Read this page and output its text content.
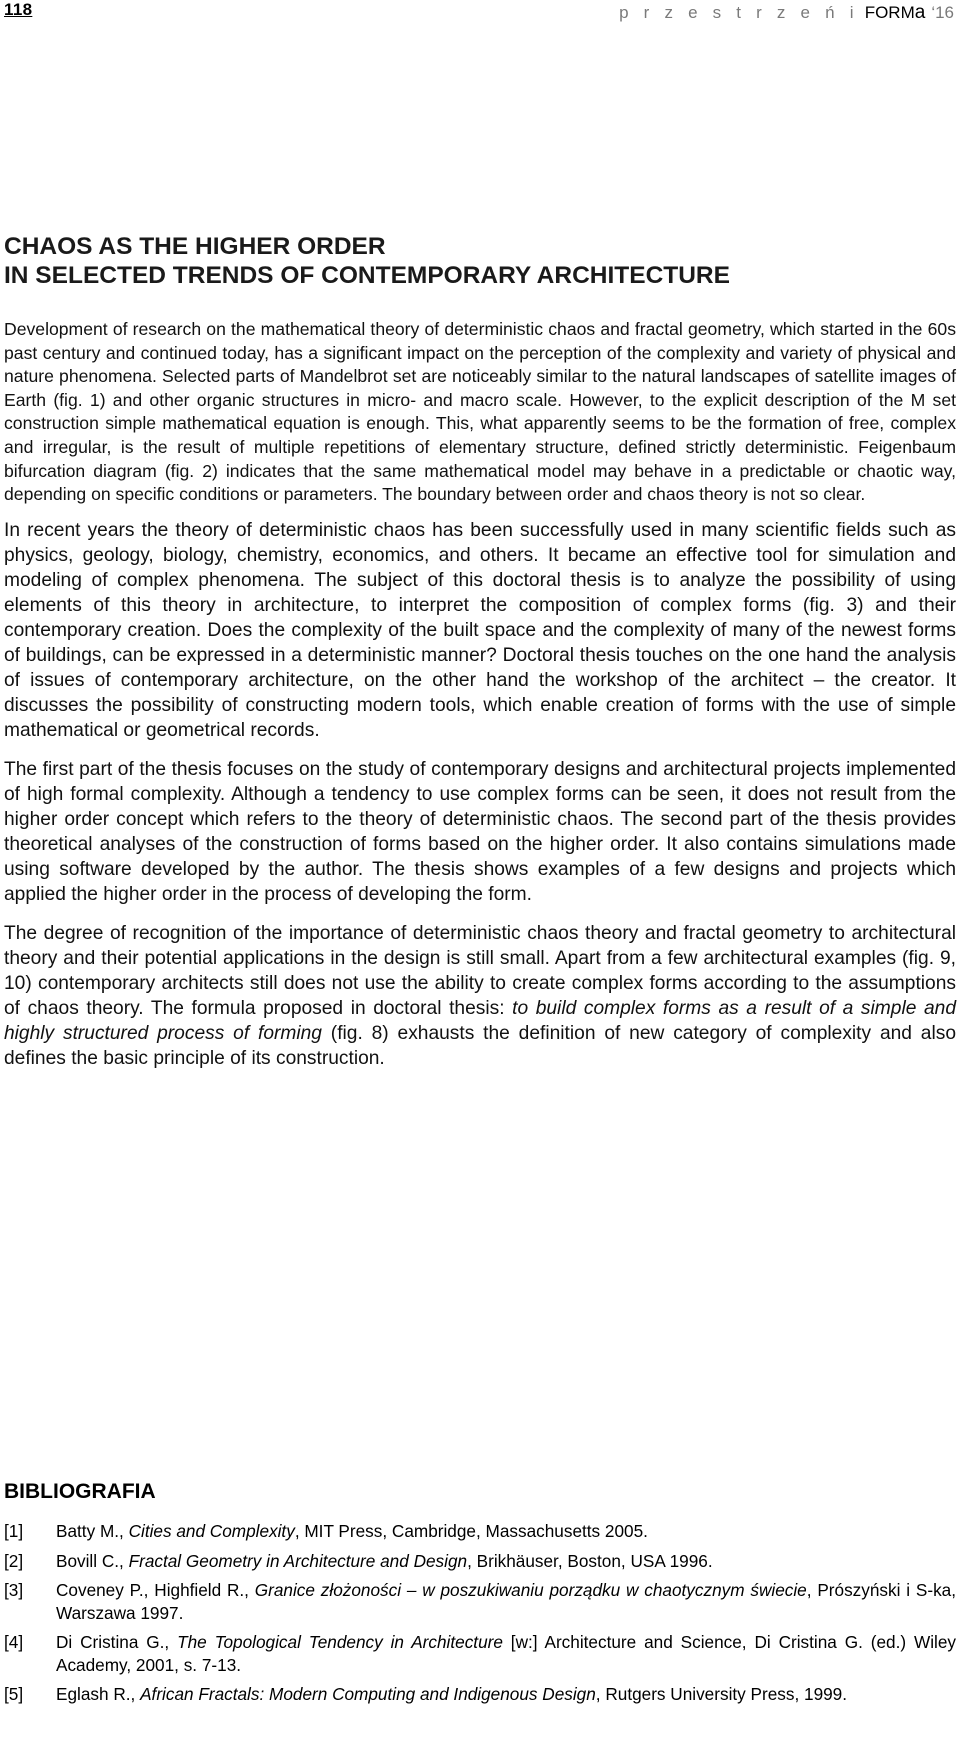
118	p r z e s t r z e ń i FORMa ‘16
CHAOS AS THE HIGHER ORDER
IN SELECTED TRENDS OF CONTEMPORARY ARCHITECTURE

Development of research on the mathematical theory of deterministic chaos and fractal geometry, which started in the 60s past century and continued today, has a significant impact on the perception of the complexity and variety of physical and nature phenomena. Selected parts of Mandelbrot set are noticeably similar to the natural landscapes of satellite images of Earth (fig. 1) and other organic structures in micro- and macro scale. However, to the explicit description of the M set construction simple mathematical equation is enough. This, what apparently seems to be the formation of free, complex and irregular, is the result of multiple repetitions of elementary structure, defined strictly deterministic. Feigenbaum bifurcation diagram (fig. 2) indicates that the same mathematical model may behave in a predictable or chaotic way, depending on specific conditions or parameters. The boundary between order and chaos theory is not so clear.

In recent years the theory of deterministic chaos has been successfully used in many scientific fields such as physics, geology, biology, chemistry, economics, and others. It became an effective tool for simulation and modeling of complex phenomena. The subject of this doctoral thesis is to analyze the possibility of using elements of this theory in architecture, to interpret the composition of complex forms (fig. 3) and their contemporary creation. Does the complexity of the built space and the complexity of many of the newest forms of buildings, can be expressed in a deterministic manner? Doctoral thesis touches on the one hand the analysis of issues of contemporary architecture, on the other hand the workshop of the architect – the creator. It discusses the possibility of constructing modern tools, which enable creation of forms with the use of simple mathematical or geometrical records.

The first part of the thesis focuses on the study of contemporary designs and architectural projects implemented of high formal complexity. Although a tendency to use complex forms can be seen, it does not result from the higher order concept which refers to the theory of deterministic chaos. The second part of the thesis provides theoretical analyses of the construction of forms based on the higher order. It also contains simulations made using software developed by the author. The thesis shows examples of a few designs and projects which applied the higher order in the process of developing the form.

The degree of recognition of the importance of deterministic chaos theory and fractal geometry to architectural theory and their potential applications in the design is still small. Apart from a few architectural examples (fig. 9, 10) contemporary architects still does not use the ability to create complex forms according to the assumptions of chaos theory. The formula proposed in doctoral thesis: to build complex forms as a result of a simple and highly structured process of forming (fig. 8) exhausts the definition of new category of complexity and also defines the basic principle of its construction.

BIBLIOGRAFIA
[1]	Batty M., Cities and Complexity, MIT Press, Cambridge, Massachusetts 2005.
[2]	Bovill C., Fractal Geometry in Architecture and Design, Brikhäuser, Boston, USA 1996.
[3]	Coveney P., Highfield R., Granice złożoności – w poszukiwaniu porządku w chaotycznym świecie, Prószyński i S-ka, Warszawa 1997.
[4]	Di Cristina G., The Topological Tendency in Architecture [w:] Architecture and Science, Di Cristina G. (ed.) Wiley Academy, 2001, s. 7-13.
[5]	Eglash R., African Fractals: Modern Computing and Indigenous Design, Rutgers University Press, 1999.
